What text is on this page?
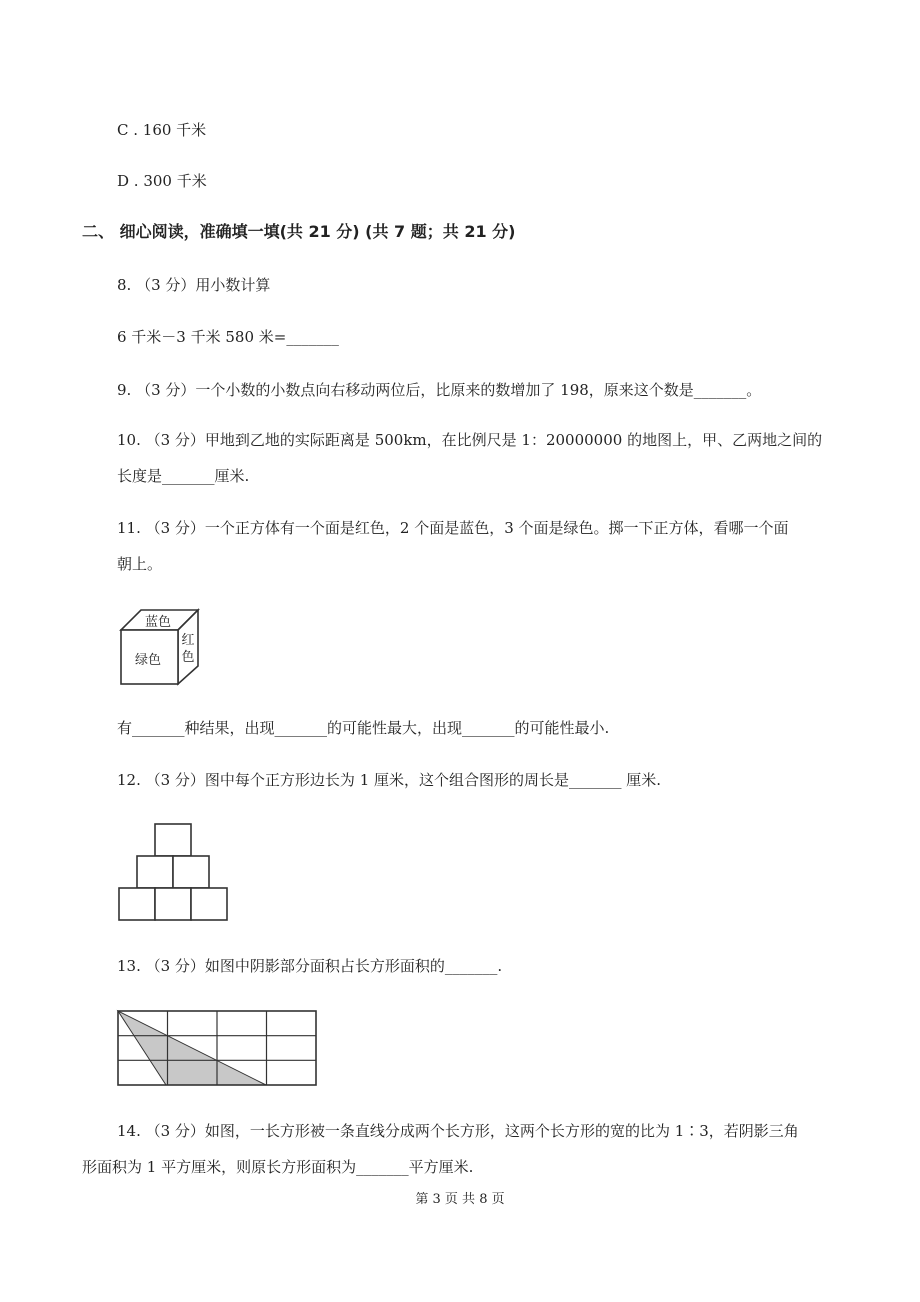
C . 160 千米
D . 300 千米
二、 细心阅读，准确填一填(共 21 分) (共 7 题；共 21 分)
8. （3 分）用小数计算
6 千米－3 千米 580 米=_______
9. （3 分）一个小数的小数点向右移动两位后，比原来的数增加了 198，原来这个数是_______。
10. （3 分）甲地到乙地的实际距离是 500km，在比例尺是 1：20000000 的地图上，甲、乙两地之间的
长度是_______厘米.
11. （3 分）一个正方体有一个面是红色，2 个面是蓝色，3 个面是绿色。掷一下正方体，看哪一个面
朝上。
蓝色
绿色
红
色
有_______种结果，出现_______的可能性最大，出现_______的可能性最小.
12. （3 分）图中每个正方形边长为 1 厘米，这个组合图形的周长是_______ 厘米.
13. （3 分）如图中阴影部分面积占长方形面积的_______.
14. （3 分）如图，一长方形被一条直线分成两个长方形，这两个长方形的宽的比为 1∶3，若阴影三角
形面积为 1 平方厘米，则原长方形面积为_______平方厘米.
第 3 页 共 8 页
